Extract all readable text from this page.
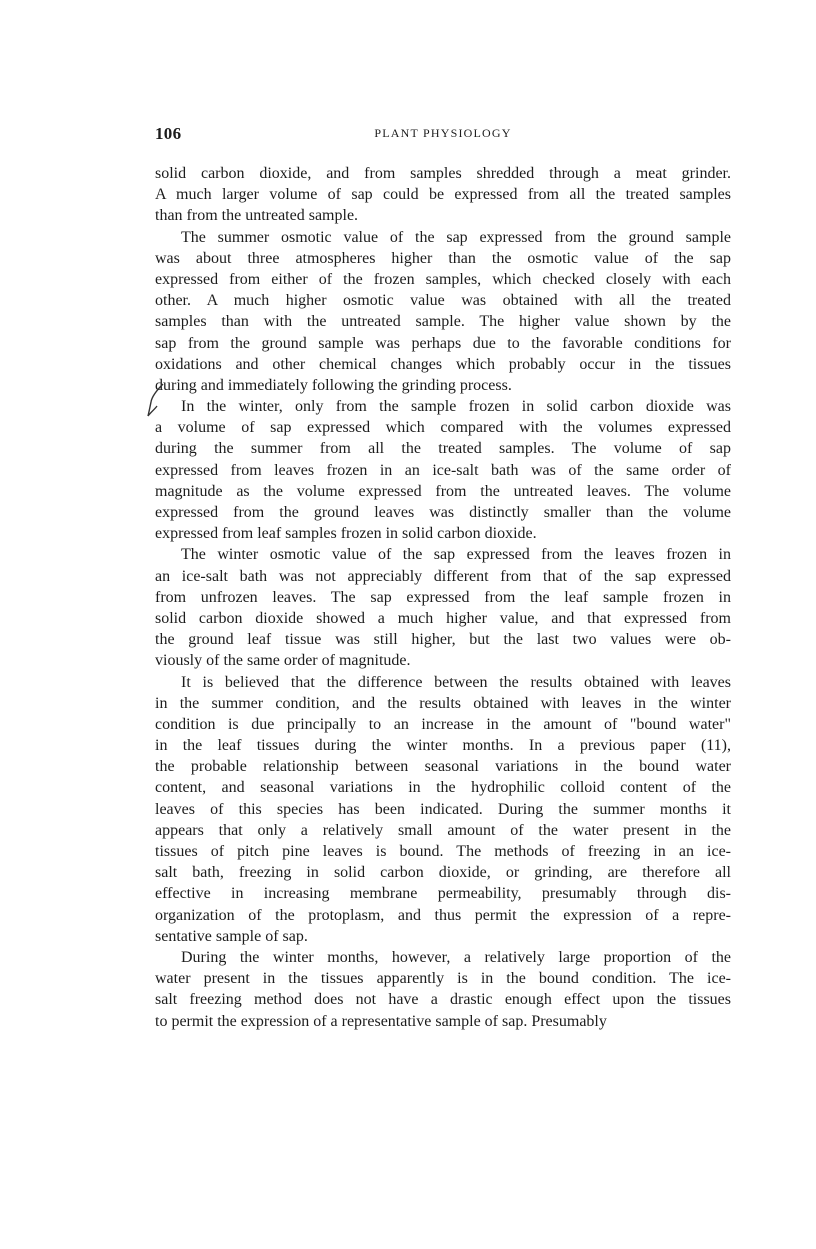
106	PLANT PHYSIOLOGY
solid carbon dioxide, and from samples shredded through a meat grinder.
A much larger volume of sap could be expressed from all the treated samples
than from the untreated sample.
The summer osmotic value of the sap expressed from the ground sample
was about three atmospheres higher than the osmotic value of the sap
expressed from either of the frozen samples, which checked closely with each
other. A much higher osmotic value was obtained with all the treated
samples than with the untreated sample. The higher value shown by the
sap from the ground sample was perhaps due to the favorable conditions for
oxidations and other chemical changes which probably occur in the tissues
during and immediately following the grinding process.
In the winter, only from the sample frozen in solid carbon dioxide was
a volume of sap expressed which compared with the volumes expressed
during the summer from all the treated samples. The volume of sap
expressed from leaves frozen in an ice-salt bath was of the same order of
magnitude as the volume expressed from the untreated leaves. The volume
expressed from the ground leaves was distinctly smaller than the volume
expressed from leaf samples frozen in solid carbon dioxide.
The winter osmotic value of the sap expressed from the leaves frozen in
an ice-salt bath was not appreciably different from that of the sap expressed
from unfrozen leaves. The sap expressed from the leaf sample frozen in
solid carbon dioxide showed a much higher value, and that expressed from
the ground leaf tissue was still higher, but the last two values were ob-
viously of the same order of magnitude.
It is believed that the difference between the results obtained with leaves
in the summer condition, and the results obtained with leaves in the winter
condition is due principally to an increase in the amount of "bound water"
in the leaf tissues during the winter months. In a previous paper (11),
the probable relationship between seasonal variations in the bound water
content, and seasonal variations in the hydrophilic colloid content of the
leaves of this species has been indicated. During the summer months it
appears that only a relatively small amount of the water present in the
tissues of pitch pine leaves is bound. The methods of freezing in an ice-
salt bath, freezing in solid carbon dioxide, or grinding, are therefore all
effective in increasing membrane permeability, presumably through dis-
organization of the protoplasm, and thus permit the expression of a repre-
sentative sample of sap.
During the winter months, however, a relatively large proportion of the
water present in the tissues apparently is in the bound condition. The ice-
salt freezing method does not have a drastic enough effect upon the tissues
to permit the expression of a representative sample of sap. Presumably
